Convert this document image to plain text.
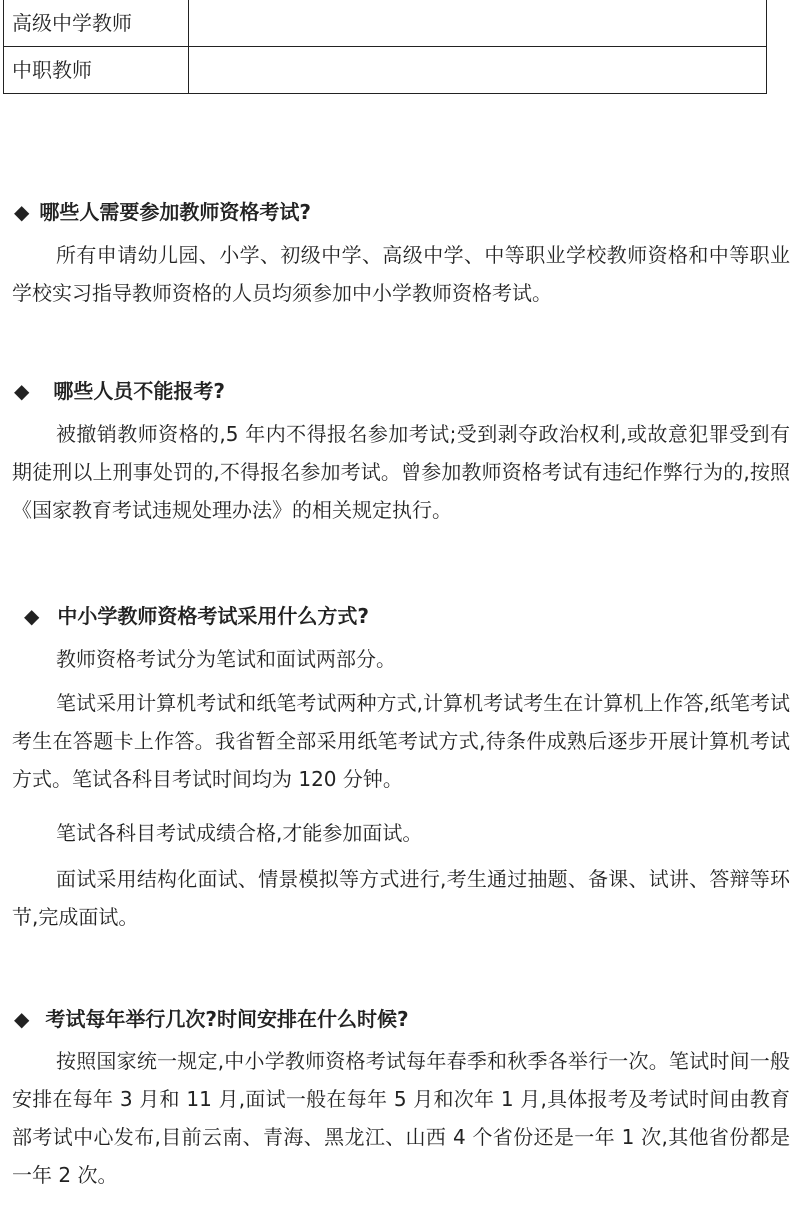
高级中学教师
中职教师
◆ 哪些人需要参加教师资格考试?

所有申请幼儿园、小学、初级中学、高级中学、中等职业学校教师资格和中等职业学校实习指导教师资格的人员均须参加中小学教师资格考试。

◆ 哪些人员不能报考?

被撤销教师资格的,5 年内不得报名参加考试;受到剥夺政治权利,或故意犯罪受到有期徒刑以上刑事处罚的,不得报名参加考试。曾参加教师资格考试有违纪作弊行为的,按照《国家教育考试违规处理办法》的相关规定执行。

◆ 中小学教师资格考试采用什么方式?

教师资格考试分为笔试和面试两部分。

笔试采用计算机考试和纸笔考试两种方式,计算机考试考生在计算机上作答,纸笔考试考生在答题卡上作答。我省暂全部采用纸笔考试方式,待条件成熟后逐步开展计算机考试方式。笔试各科目考试时间均为 120 分钟。

笔试各科目考试成绩合格,才能参加面试。

面试采用结构化面试、情景模拟等方式进行,考生通过抽题、备课、试讲、答辩等环节,完成面试。

◆ 考试每年举行几次?时间安排在什么时候?

按照国家统一规定,中小学教师资格考试每年春季和秋季各举行一次。笔试时间一般安排在每年 3 月和 11 月,面试一般在每年 5 月和次年 1 月,具体报考及考试时间由教育部考试中心发布,目前云南、青海、黑龙江、山西 4 个省份还是一年 1 次,其他省份都是一年 2 次。
